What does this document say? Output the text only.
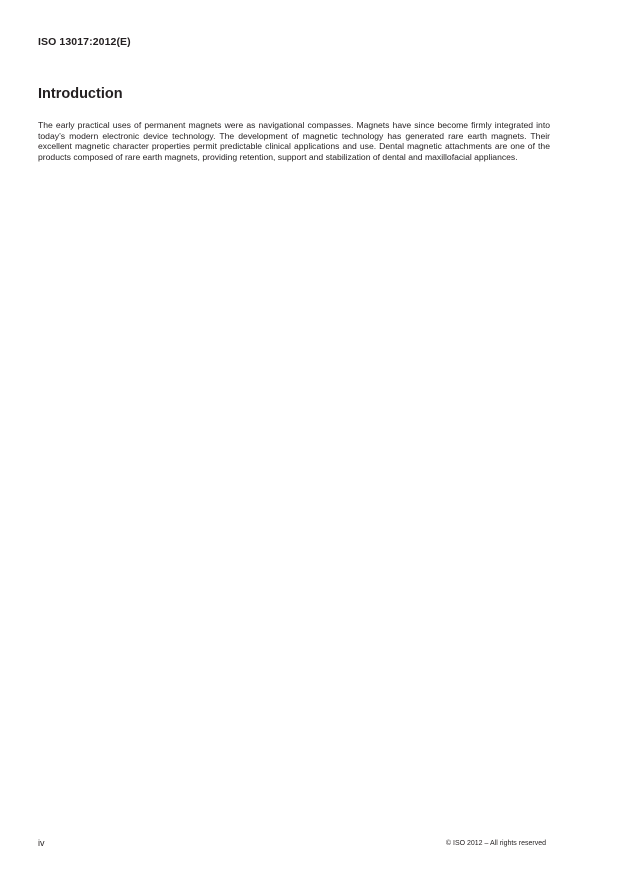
ISO 13017:2012(E)
Introduction

The early practical uses of permanent magnets were as navigational compasses. Magnets have since become firmly integrated into today’s modern electronic device technology. The development of magnetic technology has generated rare earth magnets. Their excellent magnetic character properties permit predictable clinical applications and use. Dental magnetic attachments are one of the products composed of rare earth magnets, providing retention, support and stabilization of dental and maxillofacial appliances.

iv	© ISO 2012 – All rights reserved
